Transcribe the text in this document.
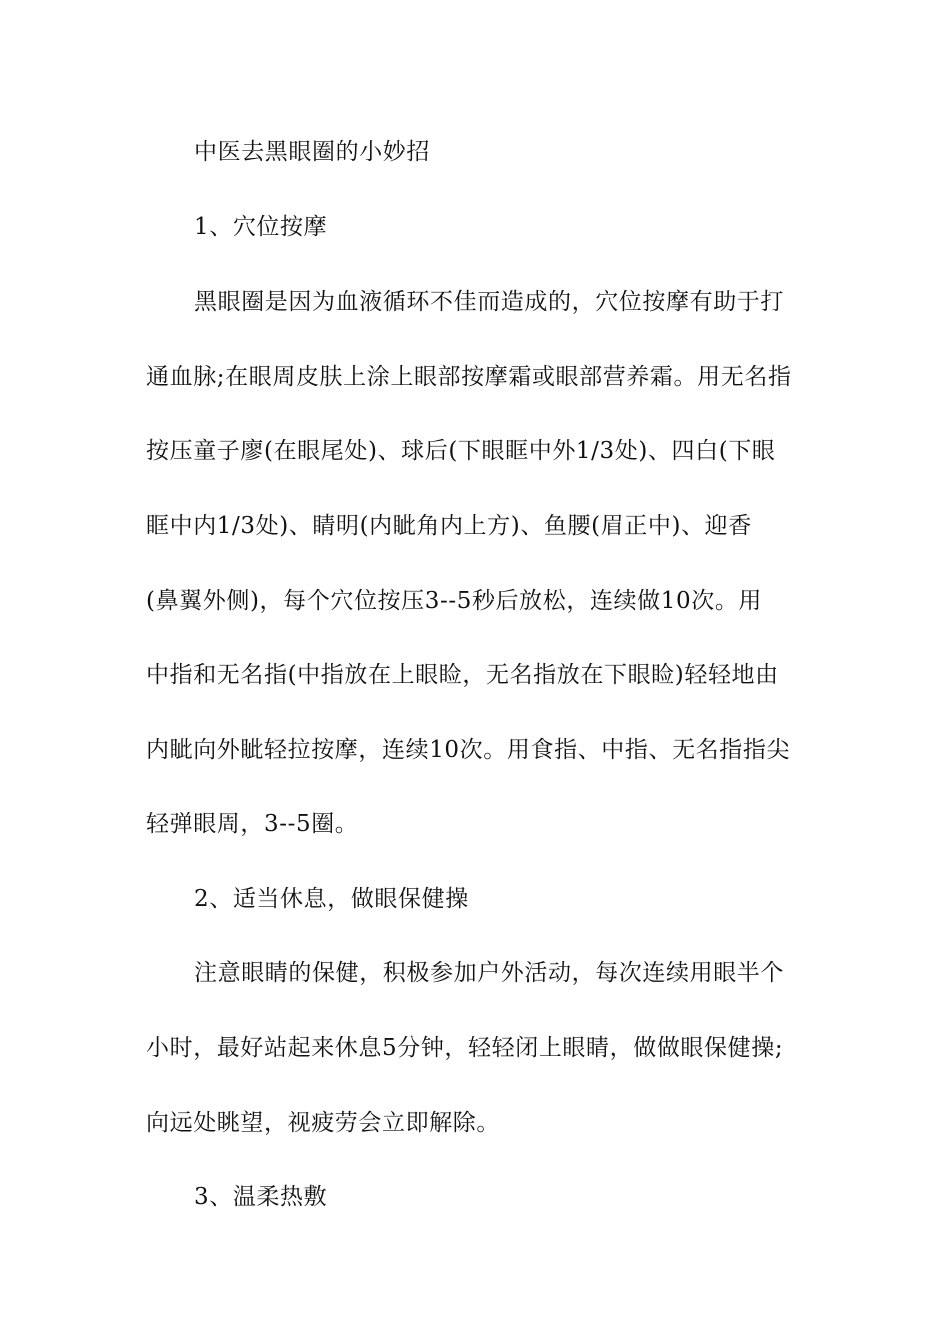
中医去黑眼圈的小妙招
1、穴位按摩
黑眼圈是因为血液循环不佳而造成的，穴位按摩有助于打
通血脉;在眼周皮肤上涂上眼部按摩霜或眼部营养霜。用无名指
按压童子廖(在眼尾处)、球后(下眼眶中外1/3处)、四白(下眼
眶中内1/3处)、睛明(内眦角内上方)、鱼腰(眉正中)、迎香
(鼻翼外侧)，每个穴位按压3--5秒后放松，连续做10次。用
中指和无名指(中指放在上眼睑，无名指放在下眼睑)轻轻地由
内眦向外眦轻拉按摩，连续10次。用食指、中指、无名指指尖
轻弹眼周，3--5圈。
2、适当休息，做眼保健操
注意眼睛的保健，积极参加户外活动，每次连续用眼半个
小时，最好站起来休息5分钟，轻轻闭上眼睛，做做眼保健操;
向远处眺望，视疲劳会立即解除。
3、温柔热敷
